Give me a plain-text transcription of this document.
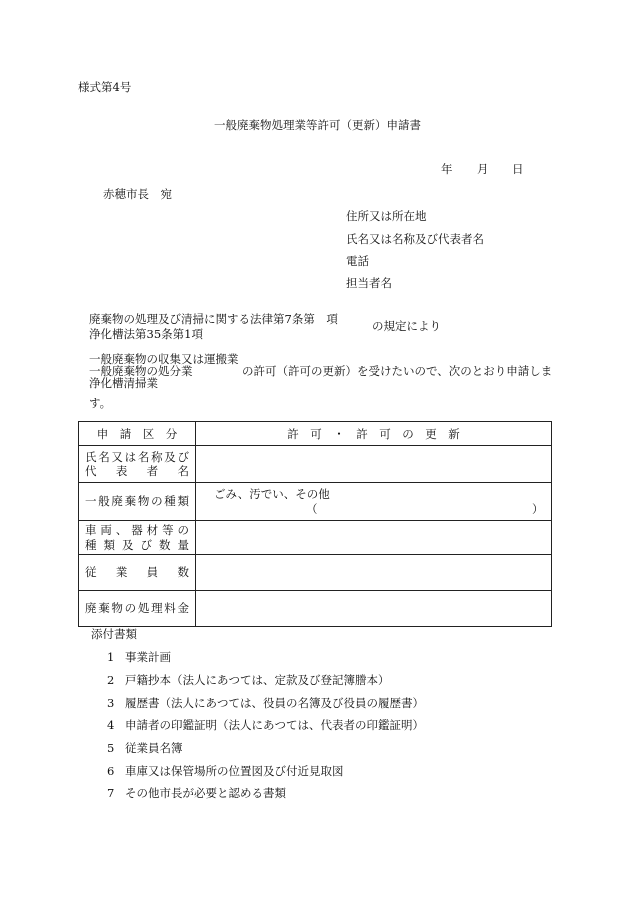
様式第4号
一般廃棄物処理業等許可（更新）申請書
年 月 日
赤穂市長　宛
住所又は所在地
氏名又は名称及び代表者名
電話
担当者名
廃棄物の処理及び清掃に関する法律第7条第　項
浄化槽法第35条第1項
の規定により
一般廃棄物の収集又は運搬業
一般廃棄物の処分業
浄化槽清掃業
の許可（許可の更新）を受けたいので、次のとおり申請しま
す。
申　請　区　分	許　可　・　許　可　の　更　新

氏名又は名称及び
代　表　者　名	
一般廃棄物の種類	ごみ、汚でい、その他
（ ）

車両、器材等の
種類及び数量	
従　業　員　数	
廃棄物の処理料金	
添付書類
1 事業計画
2 戸籍抄本（法人にあつては、定款及び登記簿謄本）
3 履歴書（法人にあつては、役員の名簿及び役員の履歴書）
4 申請者の印鑑証明（法人にあつては、代表者の印鑑証明）
5 従業員名簿
6 車庫又は保管場所の位置図及び付近見取図
7 その他市長が必要と認める書類
